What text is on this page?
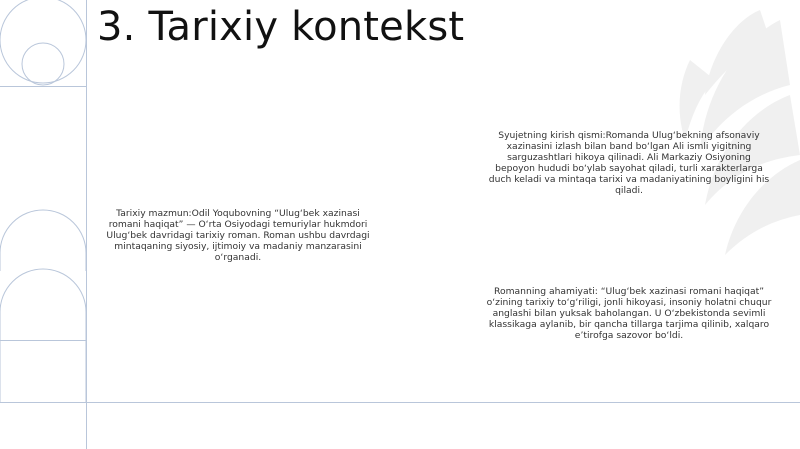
3. Tarixiy kontekst
Tarixiy mazmun:Odil Yoqubovning “Ulug‘bek xazinasi romani haqiqat” — O‘rta Osiyodagi temuriylar hukmdori Ulug‘bek davridagi tarixiy roman. Roman ushbu davrdagi mintaqaning siyosiy, ijtimoiy va madaniy manzarasini o‘rganadi.
Syujetning kirish qismi:Romanda Ulug‘bekning afsonaviy xazinasini izlash bilan band bo‘lgan Ali ismli yigitning sarguzashtlari hikoya qilinadi. Ali Markaziy Osiyoning bepoyon hududi bo‘ylab sayohat qiladi, turli xarakterlarga duch keladi va mintaqa tarixi va madaniyatining boyligini his qiladi.
Romanning ahamiyati: “Ulug‘bek xazinasi romani haqiqat” o‘zining tarixiy to‘g‘riligi, jonli hikoyasi, insoniy holatni chuqur anglashi bilan yuksak baholangan. U O‘zbekistonda sevimli klassikaga aylanib, bir qancha tillarga tarjima qilinib, xalqaro e’tirofga sazovor bo‘ldi.
